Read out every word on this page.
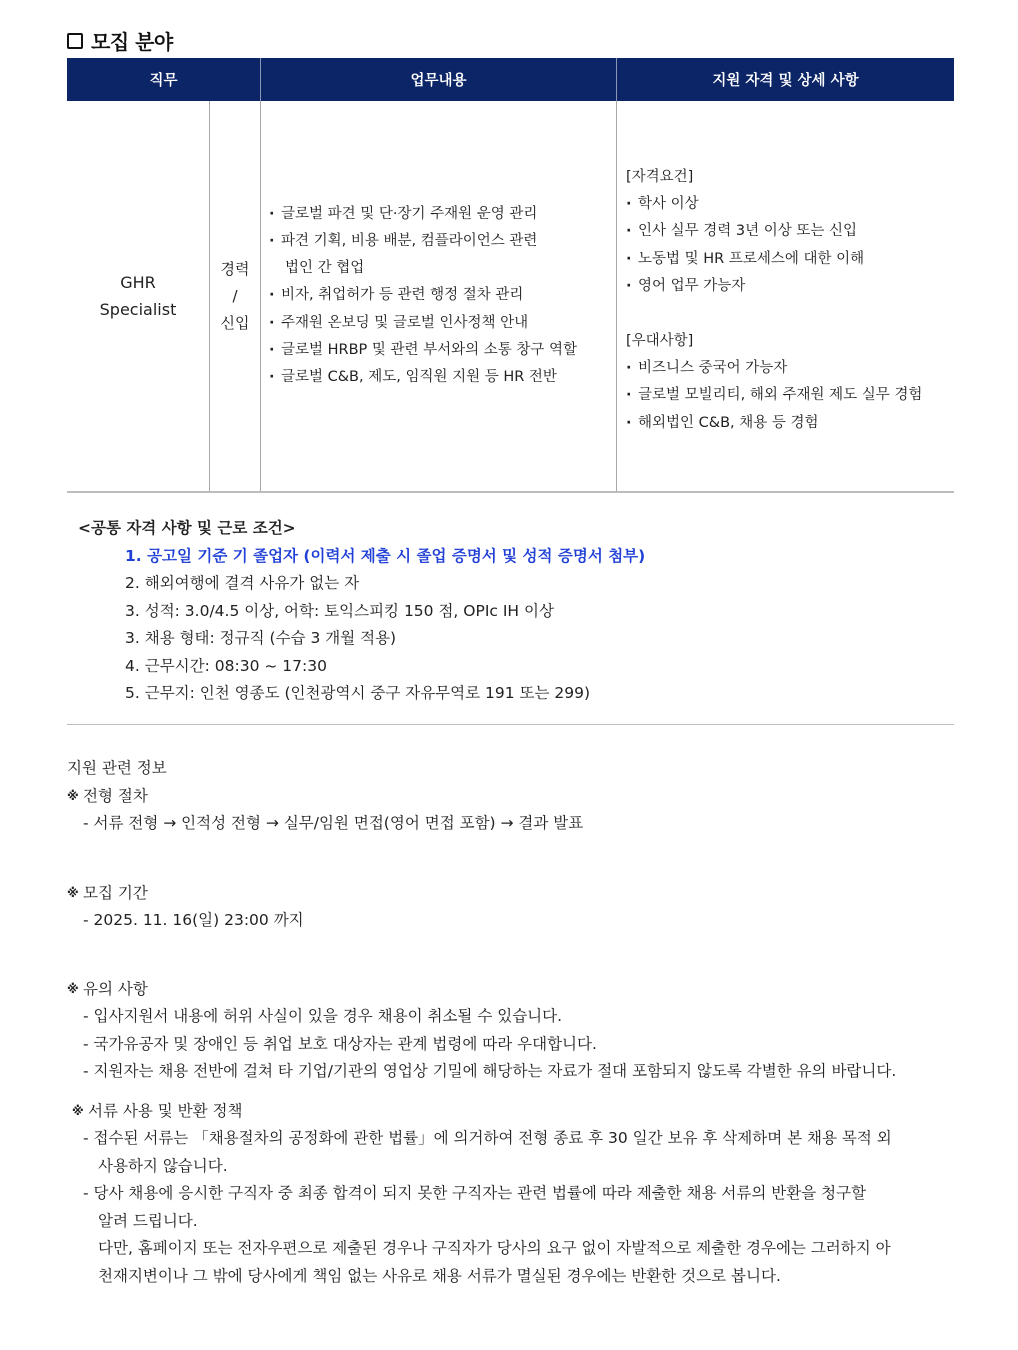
모집 분야
직무	업무내용	지원 자격 및 상세 사항
GHR
Specialist
경력
/
신입
· 글로벌 파견 및 단·장기 주재원 운영 관리
· 파견 기획, 비용 배분, 컴플라이언스 관련
법인 간 협업
· 비자, 취업허가 등 관련 행정 절차 관리
· 주재원 온보딩 및 글로벌 인사정책 안내
· 글로벌 HRBP 및 관련 부서와의 소통 창구 역할
· 글로벌 C&B, 제도, 임직원 지원 등 HR 전반
[자격요건]
· 학사 이상
· 인사 실무 경력 3년 이상 또는 신입
· 노동법 및 HR 프로세스에 대한 이해
· 영어 업무 가능자
[우대사항]
· 비즈니스 중국어 가능자
· 글로벌 모빌리티, 해외 주재원 제도 실무 경험
· 해외법인 C&B, 채용 등 경험
<공통 자격 사항 및 근로 조건>
1. 공고일 기준 기 졸업자 (이력서 제출 시 졸업 증명서 및 성적 증명서 첨부)
2. 해외여행에 결격 사유가 없는 자
3. 성적: 3.0/4.5 이상, 어학: 토익스피킹 150 점, OPIc IH 이상
3. 채용 형태: 정규직 (수습 3 개월 적용)
4. 근무시간: 08:30 ~ 17:30
5. 근무지: 인천 영종도 (인천광역시 중구 자유무역로 191 또는 299)
지원 관련 정보
※ 전형 절차
- 서류 전형 → 인적성 전형 → 실무/임원 면접(영어 면접 포함) → 결과 발표
※ 모집 기간
- 2025. 11. 16(일) 23:00 까지
※ 유의 사항
- 입사지원서 내용에 허위 사실이 있을 경우 채용이 취소될 수 있습니다.
- 국가유공자 및 장애인 등 취업 보호 대상자는 관계 법령에 따라 우대합니다.
- 지원자는 채용 전반에 걸쳐 타 기업/기관의 영업상 기밀에 해당하는 자료가 절대 포함되지 않도록 각별한 유의 바랍니다.
※ 서류 사용 및 반환 정책
- 접수된 서류는 「채용절차의 공정화에 관한 법률」에 의거하여 전형 종료 후 30 일간 보유 후 삭제하며 본 채용 목적 외
사용하지 않습니다.
- 당사 채용에 응시한 구직자 중 최종 합격이 되지 못한 구직자는 관련 법률에 따라 제출한 채용 서류의 반환을 청구할
알려 드립니다.
다만, 홈페이지 또는 전자우편으로 제출된 경우나 구직자가 당사의 요구 없이 자발적으로 제출한 경우에는 그러하지 아
천재지변이나 그 밖에 당사에게 책임 없는 사유로 채용 서류가 멸실된 경우에는 반환한 것으로 봅니다.
